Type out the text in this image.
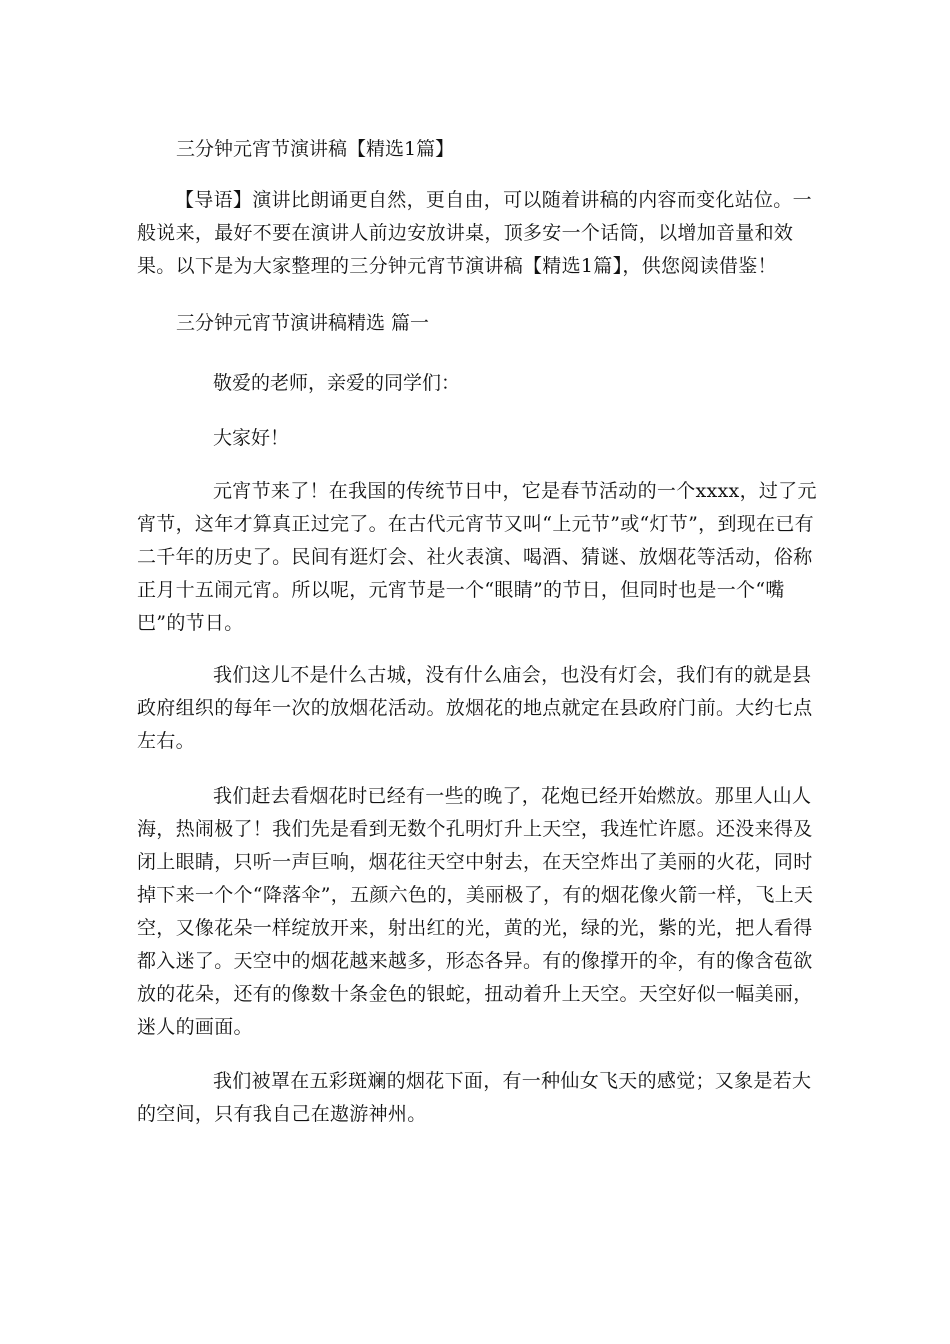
三分钟元宵节演讲稿【精选1篇】

【导语】演讲比朗诵更自然，更自由，可以随着讲稿的内容而变化站位。一般说来，最好不要在演讲人前边安放讲桌，顶多安一个话筒，以增加音量和效果。以下是为大家整理的三分钟元宵节演讲稿【精选1篇】，供您阅读借鉴！

三分钟元宵节演讲稿精选 篇一
敬爱的老师，亲爱的同学们：
大家好！

元宵节来了！在我国的传统节日中，它是春节活动的一个xxxx，过了元宵节，这年才算真正过完了。在古代元宵节又叫“上元节”或“灯节”，到现在已有二千年的历史了。民间有逛灯会、社火表演、喝酒、猜谜、放烟花等活动，俗称正月十五闹元宵。所以呢，元宵节是一个“眼睛”的节日，但同时也是一个“嘴巴”的节日。

我们这儿不是什么古城，没有什么庙会，也没有灯会，我们有的就是县政府组织的每年一次的放烟花活动。放烟花的地点就定在县政府门前。大约七点左右。

我们赶去看烟花时已经有一些的晚了，花炮已经开始燃放。那里人山人海，热闹极了！我们先是看到无数个孔明灯升上天空，我连忙许愿。还没来得及闭上眼睛，只听一声巨响，烟花往天空中射去，在天空炸出了美丽的火花，同时掉下来一个个“降落伞”，五颜六色的，美丽极了，有的烟花像火箭一样，飞上天空，又像花朵一样绽放开来，射出红的光，黄的光，绿的光，紫的光，把人看得都入迷了。天空中的烟花越来越多，形态各异。有的像撑开的伞，有的像含苞欲放的花朵，还有的像数十条金色的银蛇，扭动着升上天空。天空好似一幅美丽，迷人的画面。

我们被罩在五彩斑斓的烟花下面，有一种仙女飞天的感觉；又象是若大的空间，只有我自己在遨游神州。
